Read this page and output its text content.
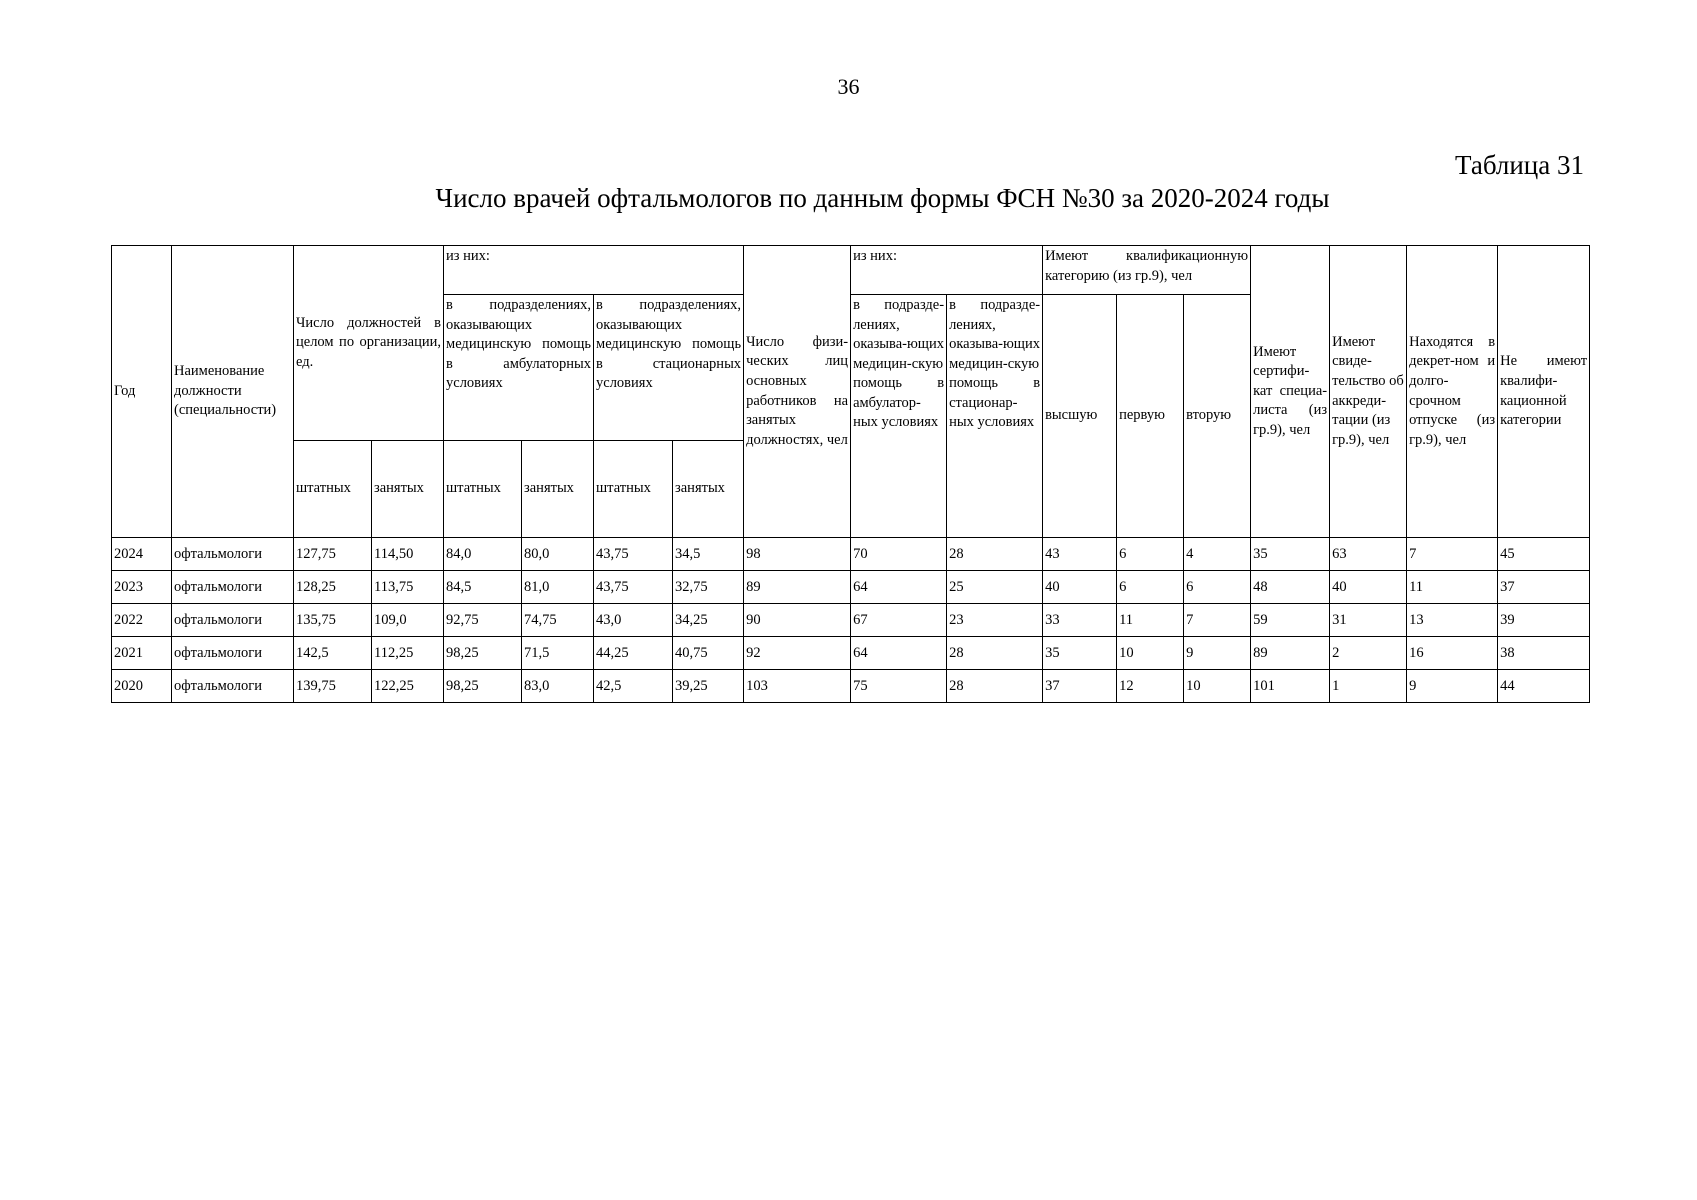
36
Таблица 31
Число врачей офтальмологов по данным формы ФСН №30 за 2020-2024 годы
Год	Наименование должности (специальности)	Число должностей в целом по организации, ед.		из них:				Число физи-ческих лиц основных работников на занятых должностях, чел	из них:		Имеют квалификационную категорию (из гр.9), чел			Имеют сертифи-кат специа-листа (из гр.9), чел	Имеют свиде-тельство об аккреди-тации (из гр.9), чел	Находятся в декрет-ном и долго-срочном отпуске (из гр.9), чел	Не имеют квалифи-кационной категории
				в подразделениях, оказывающих медицинскую помощь в амбулаторных условиях		в подразделениях, оказывающих медицинскую помощь в стационарных условиях			в подразде-лениях, оказыва-ющих медицин-скую помощь в амбулатор-ных условиях	в подразде-лениях, оказыва-ющих медицин-скую помощь в стационар-ных условиях	высшую	первую	вторую				
		штатных	занятых	штатных	занятых	штатных	занятых										
2024	офтальмологи	127,75	114,50	84,0	80,0	43,75	34,5	98	70	28	43	6	4	35	63	7	45
2023	офтальмологи	128,25	113,75	84,5	81,0	43,75	32,75	89	64	25	40	6	6	48	40	11	37
2022	офтальмологи	135,75	109,0	92,75	74,75	43,0	34,25	90	67	23	33	11	7	59	31	13	39
2021	офтальмологи	142,5	112,25	98,25	71,5	44,25	40,75	92	64	28	35	10	9	89	2	16	38
2020	офтальмологи	139,75	122,25	98,25	83,0	42,5	39,25	103	75	28	37	12	10	101	1	9	44
